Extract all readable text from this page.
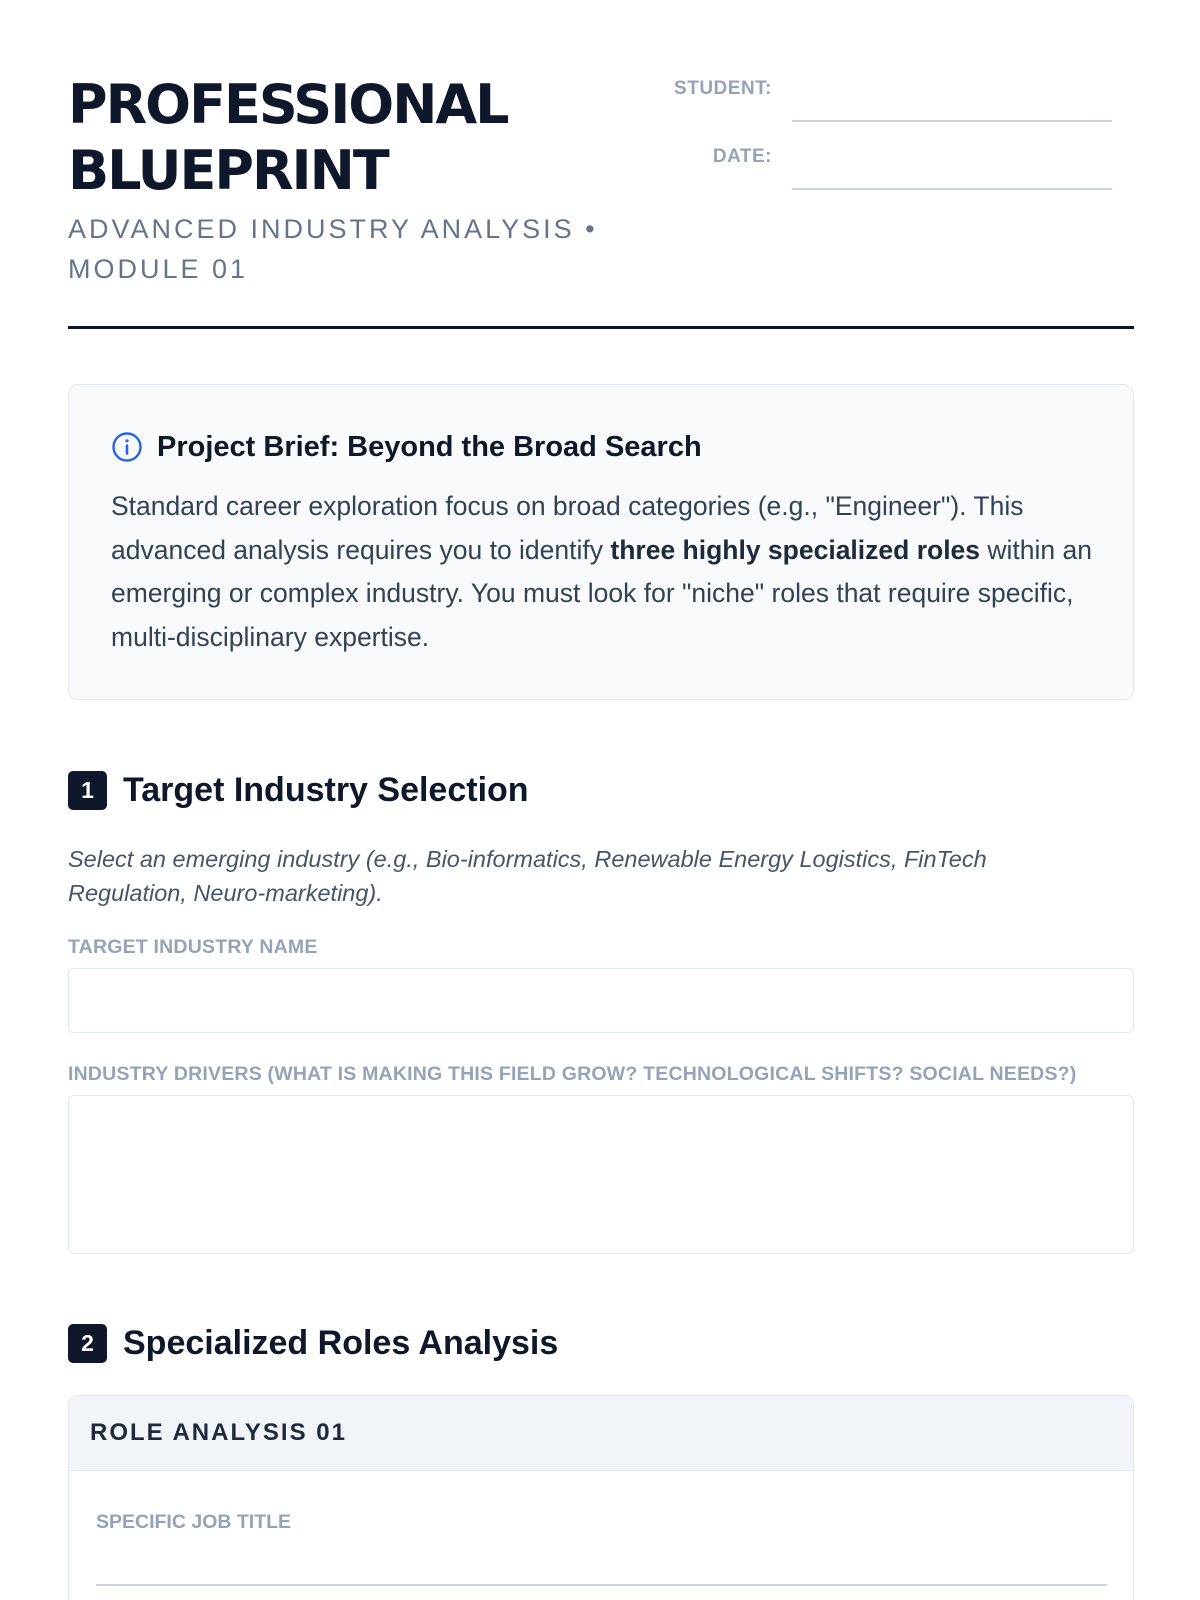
PROFESSIONAL
BLUEPRINT
ADVANCED INDUSTRY ANALYSIS • MODULE 01
STUDENT:
DATE:
Project Brief: Beyond the Broad Search

Standard career exploration focus on broad categories (e.g., "Engineer"). This advanced analysis requires you to identify three highly specialized roles within an emerging or complex industry. You must look for "niche" roles that require specific, multi-disciplinary expertise.

1 Target Industry Selection

Select an emerging industry (e.g., Bio-informatics, Renewable Energy Logistics, FinTech Regulation, Neuro-marketing).

TARGET INDUSTRY NAME
INDUSTRY DRIVERS (WHAT IS MAKING THIS FIELD GROW? TECHNOLOGICAL SHIFTS? SOCIAL NEEDS?)
2 Specialized Roles Analysis
ROLE ANALYSIS 01
SPECIFIC JOB TITLE
